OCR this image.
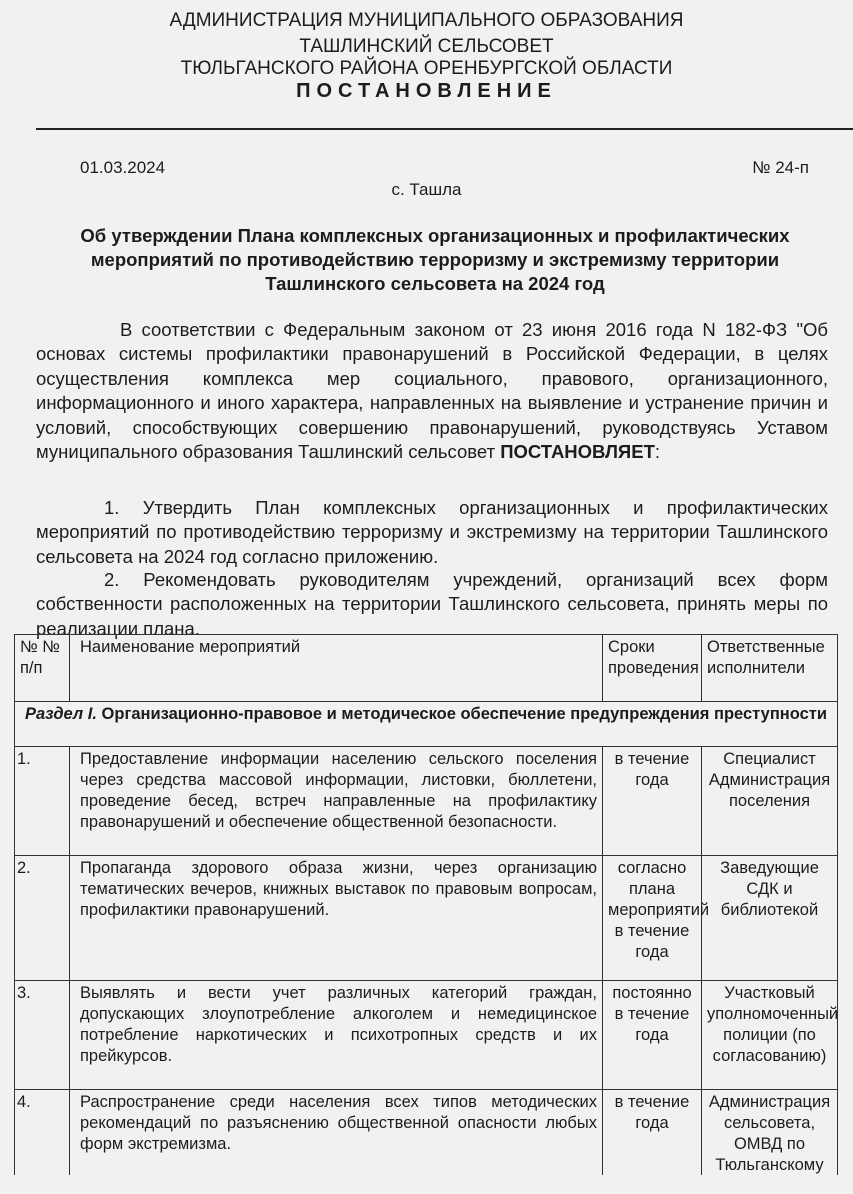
АДМИНИСТРАЦИЯ МУНИЦИПАЛЬНОГО ОБРАЗОВАНИЯ
ТАШЛИНСКИЙ СЕЛЬСОВЕТ
ТЮЛЬГАНСКОГО РАЙОНА ОРЕНБУРГСКОЙ ОБЛАСТИ
ПОСТАНОВЛЕНИЕ
01.03.2024	№ 24-п
с. Ташла
Об утверждении Плана комплексных организационных и профилактических мероприятий по противодействию терроризму и экстремизму территории Ташлинского сельсовета на 2024 год

В соответствии с Федеральным законом от 23 июня 2016 года N 182-ФЗ "Об основах системы профилактики правонарушений в Российской Федерации, в целях осуществления комплекса мер социального, правового, организационного, информационного и иного характера, направленных на выявление и устранение причин и условий, способствующих совершению правонарушений, руководствуясь Уставом муниципального образования Ташлинский сельсовет ПОСТАНОВЛЯЕТ:

1. Утвердить План комплексных организационных и профилактических мероприятий по противодействию терроризму и экстремизму на территории Ташлинского сельсовета на 2024 год согласно приложению.

2. Рекомендовать руководителям учреждений, организаций всех форм собственности расположенных на территории Ташлинского сельсовета, принять меры по реализации плана.

№ № п/п	Наименование мероприятий	Сроки проведения	Ответственные исполнители
Раздел I. Организационно-правовое и методическое обеспечение предупреждения преступности			
1.	Предоставление информации населению сельского поселения через средства массовой информации, листовки, бюллетени, проведение бесед, встреч направленные на профилактику правонарушений и обеспечение общественной безопасности.	в течение года	Специалист Администрация поселения
2.	Пропаганда здорового образа жизни, через организацию тематических вечеров, книжных выставок по правовым вопросам, профилактики правонарушений.	согласно плана мероприятий в течение года	Заведующие СДК и библиотекой
3.	Выявлять и вести учет различных категорий граждан, допускающих злоупотребление алкоголем и немедицинское потребление наркотических и психотропных средств и их прейкурсов.	постоянно в течение года	Участковый уполномоченный полиции (по согласованию)
4.	Распространение среди населения всех типов методических рекомендаций по разъяснению общественной опасности любых форм экстремизма.	в течение года	Администрация сельсовета, ОМВД по Тюльганскому
